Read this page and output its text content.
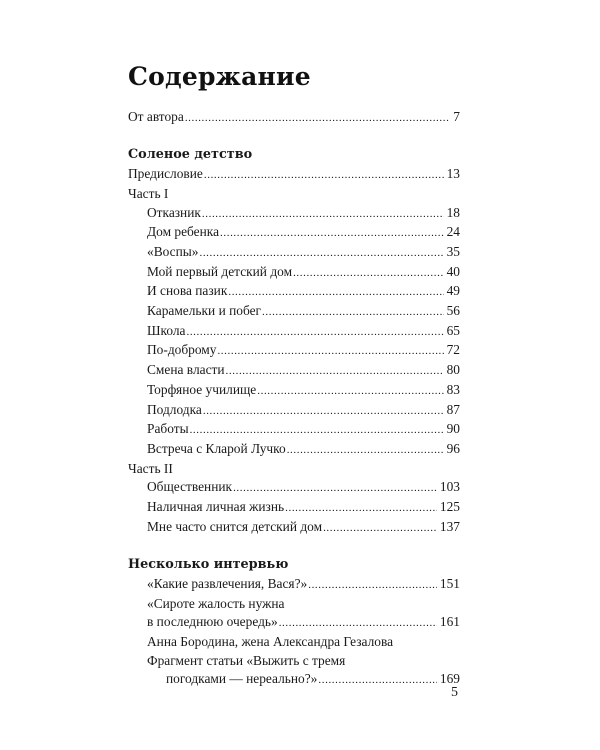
Содержание
От автора .....	7
Соленое детство
Предисловие .....	13
Часть I
Отказник .....	18
Дом ребенка .....	24
«Воспы» .....	35
Мой первый детский дом .....	40
И снова пазик .....	49
Карамельки и побег .....	56
Школа .....	65
По-доброму .....	72
Смена власти .....	80
Торфяное училище .....	83
Подлодка .....	87
Работы .....	90
Встреча с Кларой Лучко .....	96
Часть II
Общественник .....	103
Наличная личная жизнь .....	125
Мне часто снится детский дом .....	137
Несколько интервью
«Какие развлечения, Вася?» .....	151
«Сироте жалость нужна
в последнюю очередь» .....	161
Анна Бородина, жена Александра Гезалова
Фрагмент статьи «Выжить с тремя
погодками — нереально?» .....	169
5
